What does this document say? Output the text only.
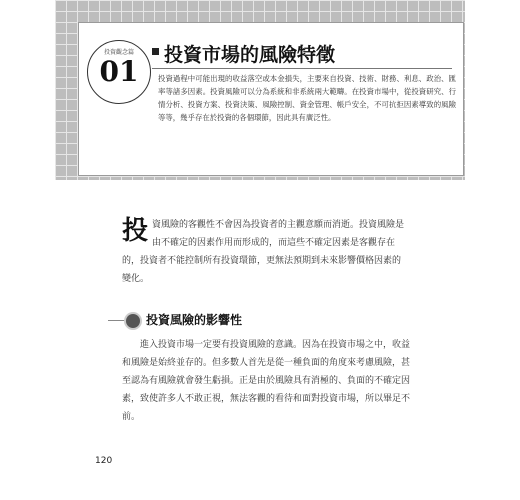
投資觀念篇
01	投資市場的風險特徵
投資過程中可能出現的收益落空或本金損失，主要來自投資、技術、財務、利息、政治、匯率等諸多因素。投資風險可以分為系統和非系統兩大範疇。在投資市場中，從投資研究、行情分析、投資方案、投資決策、風險控制、資金管理、帳戶安全，不可抗拒因素導致的風險等等，幾乎存在於投資的各個環節，因此具有廣泛性。
投 資風險的客觀性不會因為投資者的主觀意願而消逝。投資風險是由不確定的因素作用而形成的，而這些不確定因素是客觀存在的，投資者不能控制所有投資環節，更無法預期到未來影響價格因素的變化。
投資風險的影響性
進入投資市場一定要有投資風險的意識。因為在投資市場之中，收益和風險是始終並存的。但多數人首先是從一種負面的角度來考慮風險，甚至認為有風險就會發生虧損。正是由於風險具有消極的、負面的不確定因素，致使許多人不敢正視，無法客觀的看待和面對投資市場，所以畢足不前。
120
